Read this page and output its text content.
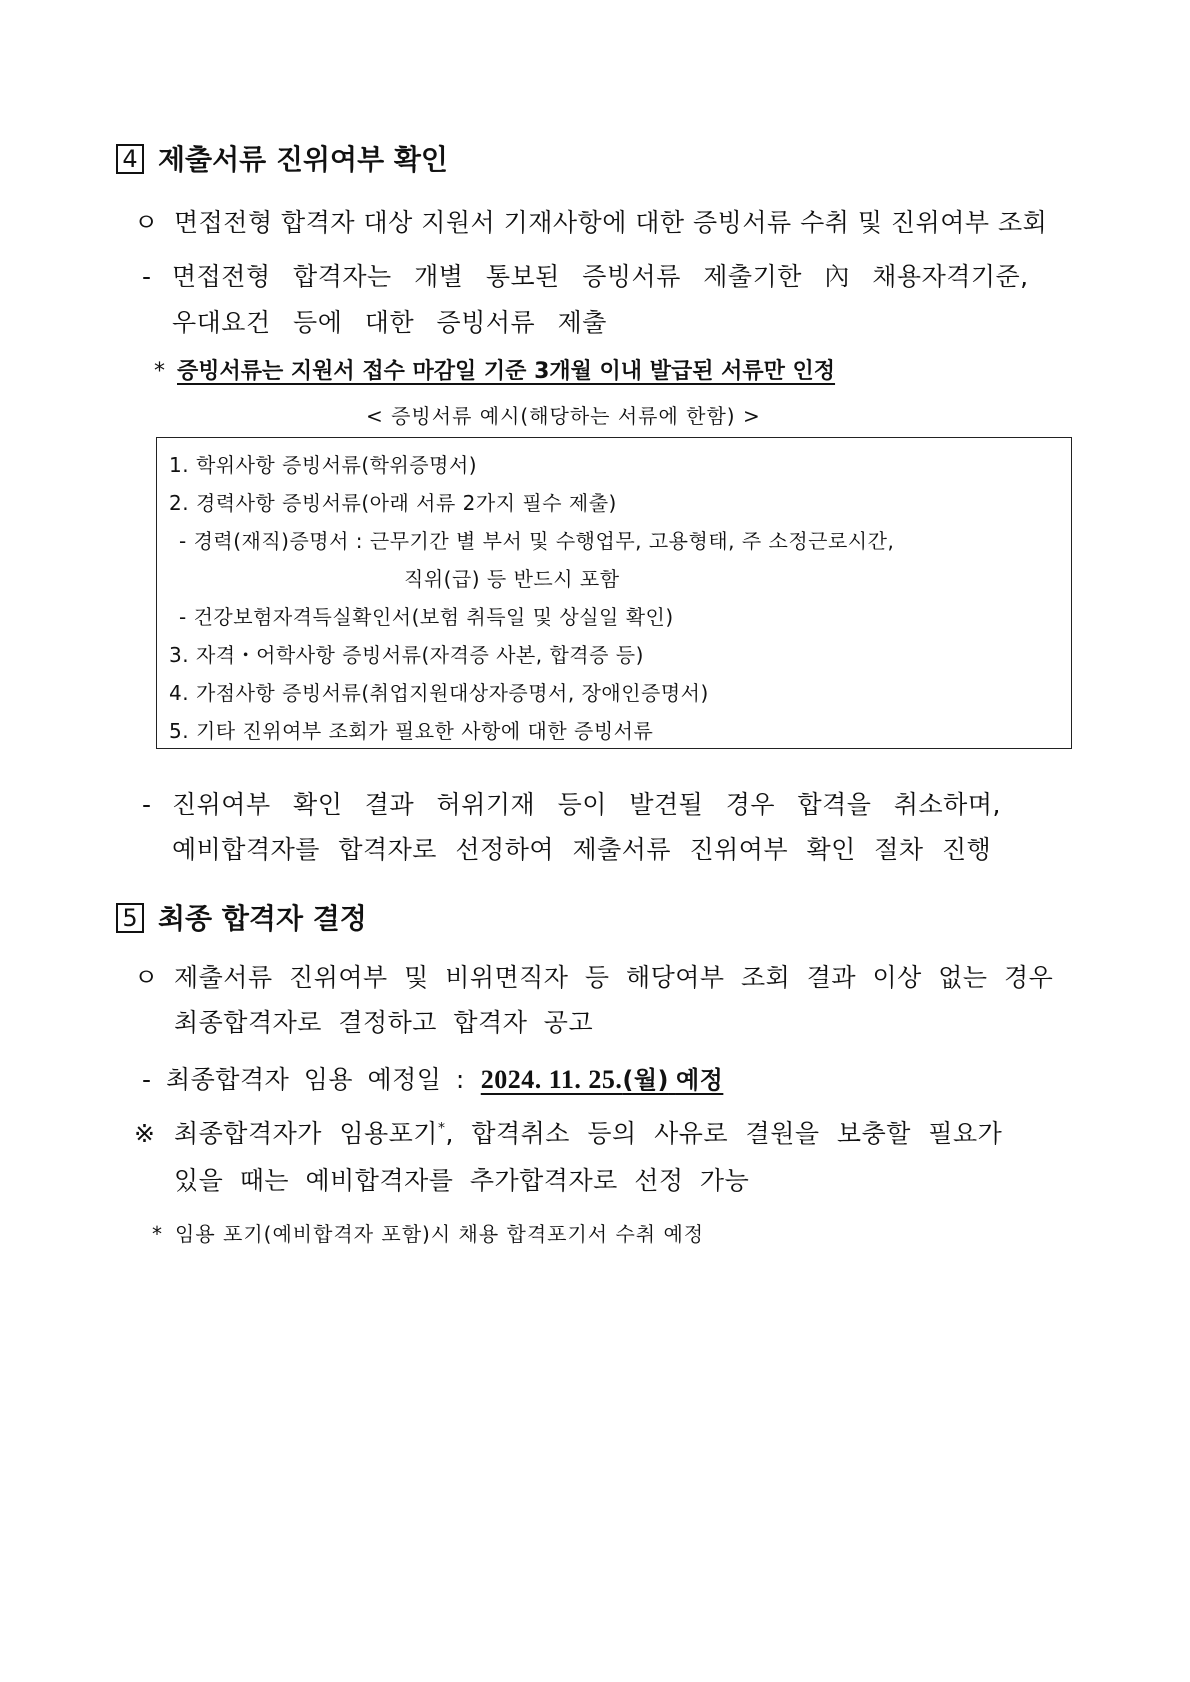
4 제출서류 진위여부 확인
ㅇ 면접전형 합격자 대상 지원서 기재사항에 대한 증빙서류 수취 및 진위여부 조회
- 면접전형 합격자는 개별 통보된 증빙서류 제출기한 內 채용자격기준,
우대요건 등에 대한 증빙서류 제출
* 증빙서류는 지원서 접수 마감일 기준 3개월 이내 발급된 서류만 인정
< 증빙서류 예시(해당하는 서류에 한함) >
1. 학위사항 증빙서류(학위증명서)
2. 경력사항 증빙서류(아래 서류 2가지 필수 제출)
- 경력(재직)증명서 : 근무기간 별 부서 및 수행업무, 고용형태, 주 소정근로시간,
직위(급) 등 반드시 포함
- 건강보험자격득실확인서(보험 취득일 및 상실일 확인)
3. 자격・어학사항 증빙서류(자격증 사본, 합격증 등)
4. 가점사항 증빙서류(취업지원대상자증명서, 장애인증명서)
5. 기타 진위여부 조회가 필요한 사항에 대한 증빙서류
- 진위여부 확인 결과 허위기재 등이 발견될 경우 합격을 취소하며,
예비합격자를 합격자로 선정하여 제출서류 진위여부 확인 절차 진행
5 최종 합격자 결정
ㅇ 제출서류 진위여부 및 비위면직자 등 해당여부 조회 결과 이상 없는 경우
최종합격자로 결정하고 합격자 공고
- 최종합격자 임용 예정일 : 2024. 11. 25.(월) 예정
※ 최종합격자가 임용포기*, 합격취소 등의 사유로 결원을 보충할 필요가
있을 때는 예비합격자를 추가합격자로 선정 가능
* 임용 포기(예비합격자 포함)시 채용 합격포기서 수취 예정
